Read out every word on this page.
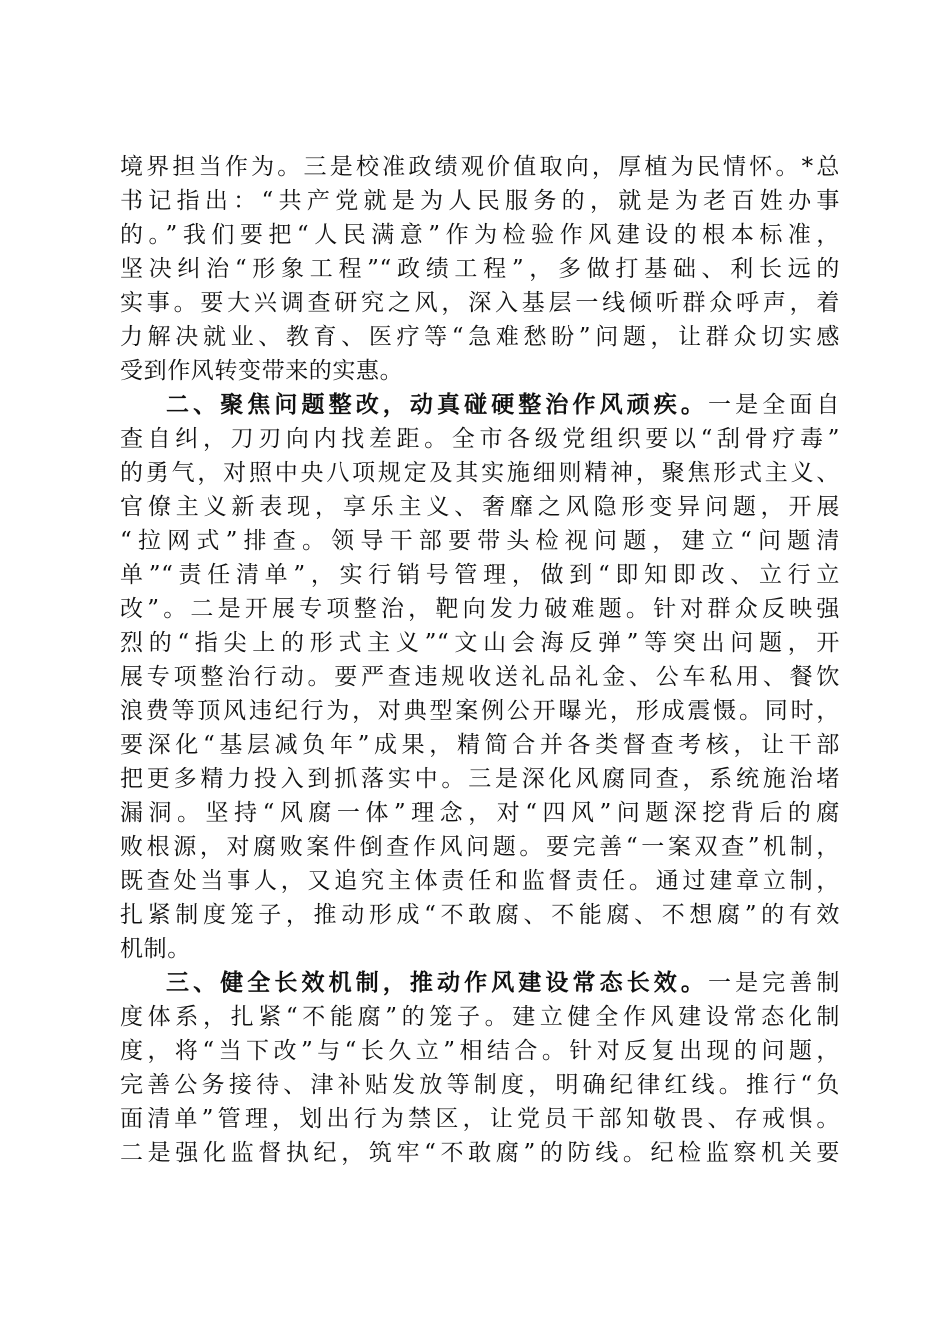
境界担当作为。三是校准政绩观价值取向，厚植为民情怀。*总
书记指出：“共产党就是为人民服务的，就是为老百姓办事
的。”我们要把“人民满意”作为检验作风建设的根本标准，
坚决纠治“形象工程”“政绩工程”，多做打基础、利长远的
实事。要大兴调查研究之风，深入基层一线倾听群众呼声，着
力解决就业、教育、医疗等“急难愁盼”问题，让群众切实感
受到作风转变带来的实惠。
二、聚焦问题整改，动真碰硬整治作风顽疾。一是全面自
查自纠，刀刃向内找差距。全市各级党组织要以“刮骨疗毒”
的勇气，对照中央八项规定及其实施细则精神，聚焦形式主义、
官僚主义新表现，享乐主义、奢靡之风隐形变异问题，开展
“拉网式”排查。领导干部要带头检视问题，建立“问题清
单”“责任清单”，实行销号管理，做到“即知即改、立行立
改”。二是开展专项整治，靶向发力破难题。针对群众反映强
烈的“指尖上的形式主义”“文山会海反弹”等突出问题，开
展专项整治行动。要严查违规收送礼品礼金、公车私用、餐饮
浪费等顶风违纪行为，对典型案例公开曝光，形成震慑。同时，
要深化“基层减负年”成果，精简合并各类督查考核，让干部
把更多精力投入到抓落实中。三是深化风腐同查，系统施治堵
漏洞。坚持“风腐一体”理念，对“四风”问题深挖背后的腐
败根源，对腐败案件倒查作风问题。要完善“一案双查”机制，
既查处当事人，又追究主体责任和监督责任。通过建章立制，
扎紧制度笼子，推动形成“不敢腐、不能腐、不想腐”的有效
机制。
三、健全长效机制，推动作风建设常态长效。一是完善制
度体系，扎紧“不能腐”的笼子。建立健全作风建设常态化制
度，将“当下改”与“长久立”相结合。针对反复出现的问题，
完善公务接待、津补贴发放等制度，明确纪律红线。推行“负
面清单”管理，划出行为禁区，让党员干部知敬畏、存戒惧。
二是强化监督执纪，筑牢“不敢腐”的防线。纪检监察机关要
